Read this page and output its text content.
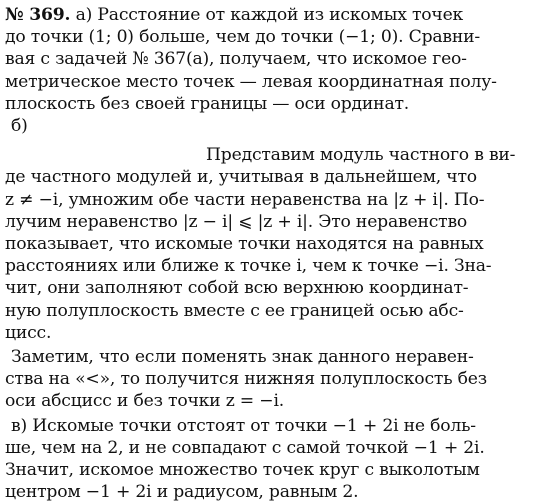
№ 369. а) Расстояние от каждой из искомых точек
до точки (1; 0) больше, чем до точки (−1; 0). Сравни-
вая с задачей № 367(а), получаем, что искомое гео-
метрическое место точек — левая координатная полу-
плоскость без своей границы — оси ординат.
б)
Представим модуль частного в ви-
де частного модулей и, учитывая в дальнейшем, что
z ≠ −i, умножим обе части неравенства на |z + i|. По-
лучим неравенство |z − i| ⩽ |z + i|. Это неравенство
показывает, что искомые точки находятся на равных
расстояниях или ближе к точке i, чем к точке −i. Зна-
чит, они заполняют собой всю верхнюю координат-
ную полуплоскость вместе с ее границей осью абс-
цисс.
Заметим, что если поменять знак данного неравен-
ства на «<», то получится нижняя полуплоскость без
оси абсцисс и без точки z = −i.
в) Искомые точки отстоят от точки −1 + 2i не боль-
ше, чем на 2, и не совпадают с самой точкой −1 + 2i.
Значит, искомое множество точек круг с выколотым
центром −1 + 2i и радиусом, равным 2.
